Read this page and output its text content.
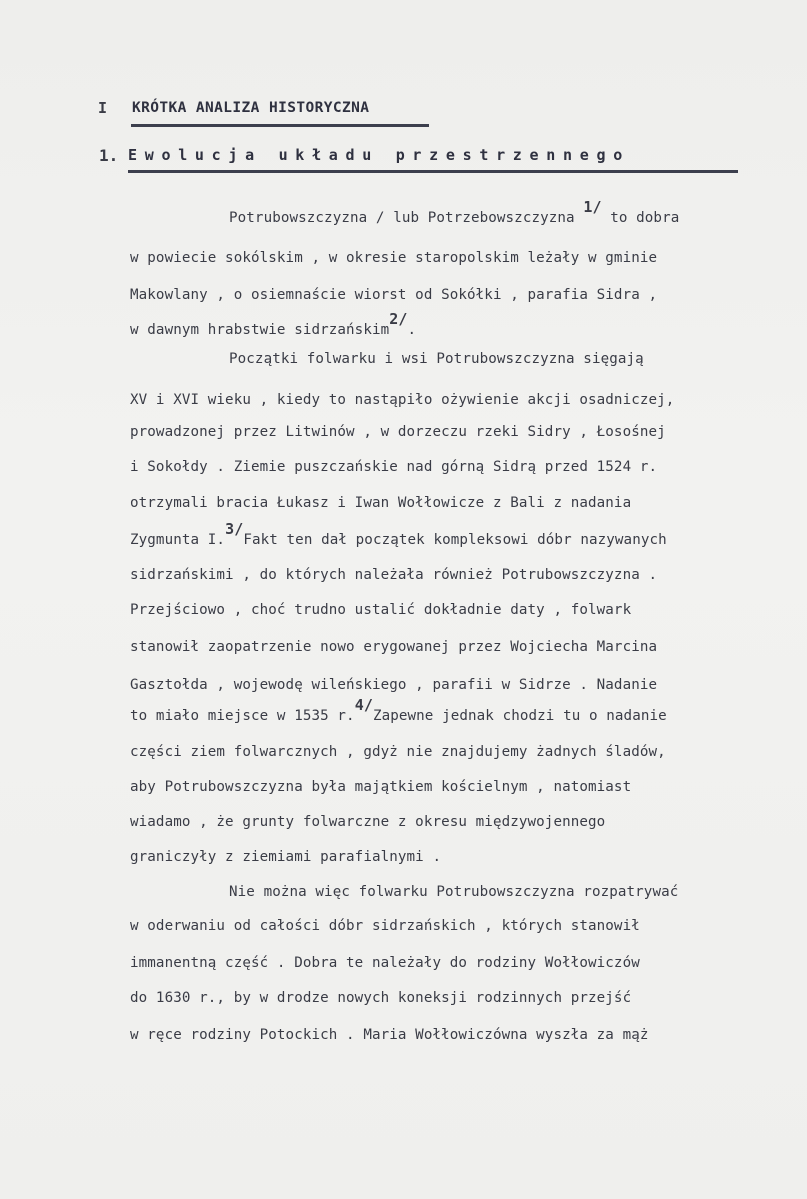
I KRÓTKA ANALIZA HISTORYCZNA
1. Ewolucja układu przestrzennego
Potrubowszczyzna / lub Potrzebowszczyzna $^{1/}$ to dobra
w powiecie sokólskim , w okresie staropolskim leżały w gminie
Makowlany , o osiemnaście wiorst od Sokółki , parafia Sidra ,
w dawnym hrabstwie sidrzańskim$^{2/}$.
Początki folwarku i wsi Potrubowszczyzna sięgają
XV i XVI wieku , kiedy to nastąpiło ożywienie akcji osadniczej,
prowadzonej przez Litwinów , w dorzeczu rzeki Sidry , Łosośnej
i Sokołdy . Ziemie puszczańskie nad górną Sidrą przed 1524 r.
otrzymali bracia Łukasz i Iwan Wołłowicze z Bali z nadania
Zygmunta I.$^{3/}$Fakt ten dał początek kompleksowi dóbr nazywanych
sidrzańskimi , do których należała również Potrubowszczyzna .
Przejściowo , choć trudno ustalić dokładnie daty , folwark
stanowił zaopatrzenie nowo erygowanej przez Wojciecha Marcina
Gasztołda , wojewodę wileńskiego , parafii w Sidrze . Nadanie
to miało miejsce w 1535 r.$^{4/}$Zapewne jednak chodzi tu o nadanie
części ziem folwarcznych , gdyż nie znajdujemy żadnych śladów,
aby Potrubowszczyzna była majątkiem kościelnym , natomiast
wiadamo , że grunty folwarczne z okresu międzywojennego
graniczyły z ziemiami parafialnymi .
Nie można więc folwarku Potrubowszczyzna rozpatrywać
w oderwaniu od całości dóbr sidrzańskich , których stanowił
immanentną część . Dobra te należały do rodziny Wołłowiczów
do 1630 r., by w drodze nowych koneksji rodzinnych przejść
w ręce rodziny Potockich . Maria Wołłowiczówna wyszła za mąż
